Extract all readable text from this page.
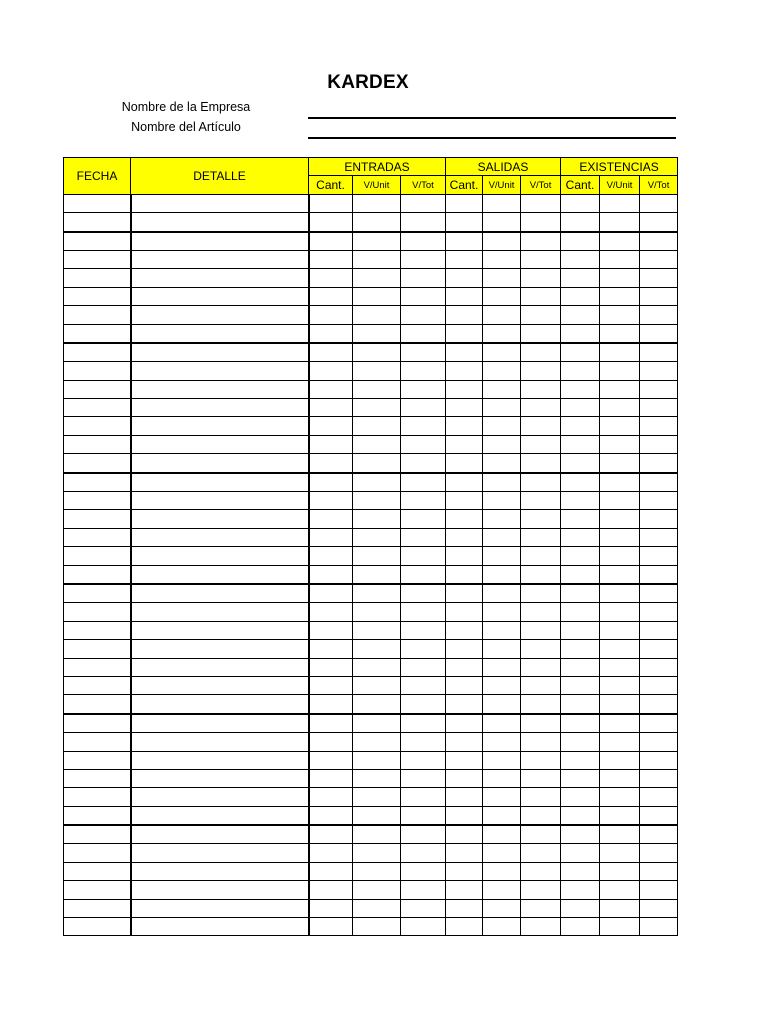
KARDEX
Nombre de la Empresa
Nombre del Artículo
FECHA	DETALLE	ENTRADAS			SALIDAS			EXISTENCIAS		
		Cant.	V/Unit	V/Tot	Cant.	V/Unit	V/Tot	Cant.	V/Unit	V/Tot
